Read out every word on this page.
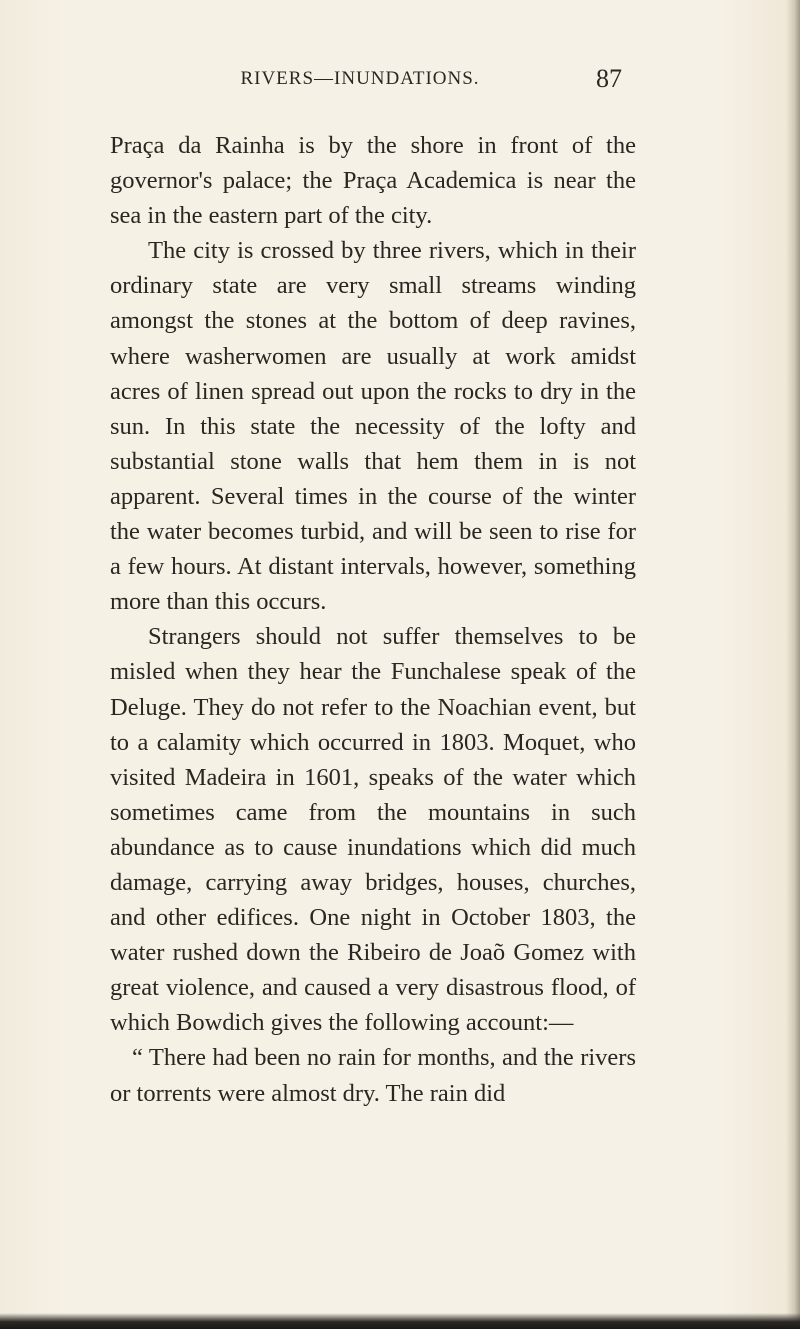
RIVERS—INUNDATIONS.	87

Praça da Rainha is by the shore in front of the governor's palace; the Praça Academica is near the sea in the eastern part of the city.

The city is crossed by three rivers, which in their ordinary state are very small streams winding amongst the stones at the bottom of deep ravines, where washerwomen are usually at work amidst acres of linen spread out upon the rocks to dry in the sun. In this state the necessity of the lofty and substantial stone walls that hem them in is not apparent. Several times in the course of the winter the water becomes turbid, and will be seen to rise for a few hours. At distant intervals, however, something more than this occurs.

Strangers should not suffer themselves to be misled when they hear the Funchalese speak of the Deluge. They do not refer to the Noachian event, but to a calamity which occurred in 1803. Moquet, who visited Madeira in 1601, speaks of the water which sometimes came from the mountains in such abundance as to cause inundations which did much damage, carrying away bridges, houses, churches, and other edifices. One night in October 1803, the water rushed down the Ribeiro de Joaõ Gomez with great violence, and caused a very disastrous flood, of which Bowdich gives the following account:—

“ There had been no rain for months, and the rivers or torrents were almost dry. The rain did
